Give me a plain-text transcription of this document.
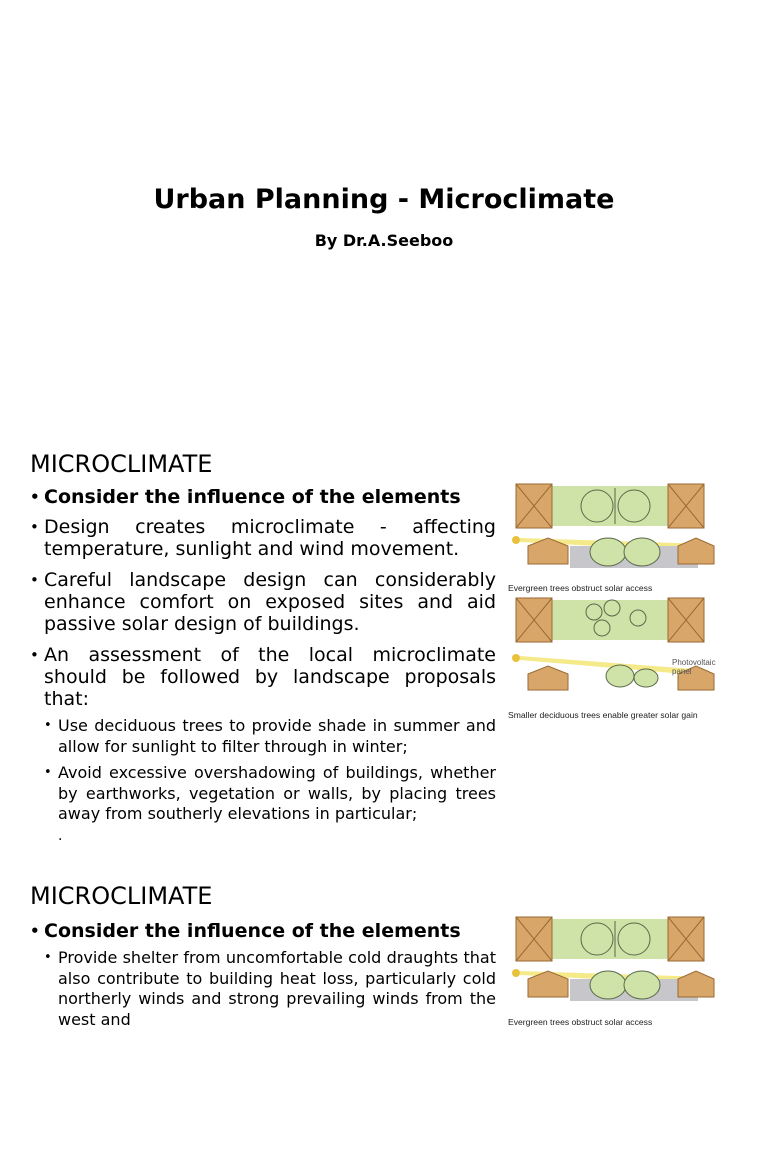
Urban Planning - Microclimate

By Dr.A.Seeboo

MICROCLIMATE
• Consider the influence of the elements
• Design creates microclimate - affecting temperature, sunlight and wind movement.
• Careful landscape design can considerably enhance comfort on exposed sites and aid passive solar design of buildings.
• An assessment of the local microclimate should be followed by landscape proposals that:
• Use deciduous trees to provide shade in summer and allow for sunlight to filter through in winter;
• Avoid excessive overshadowing of buildings, whether by earthworks, vegetation or walls, by placing trees away from southerly elevations in particular;
.
Evergreen trees obstruct solar access
Photovoltaic panel
Smaller deciduous trees enable greater solar gain
MICROCLIMATE
• Consider the influence of the elements
• Provide shelter from uncomfortable cold draughts that also contribute to building heat loss, particularly cold northerly winds and strong prevailing winds from the west and	Evergreen trees obstruct solar access
